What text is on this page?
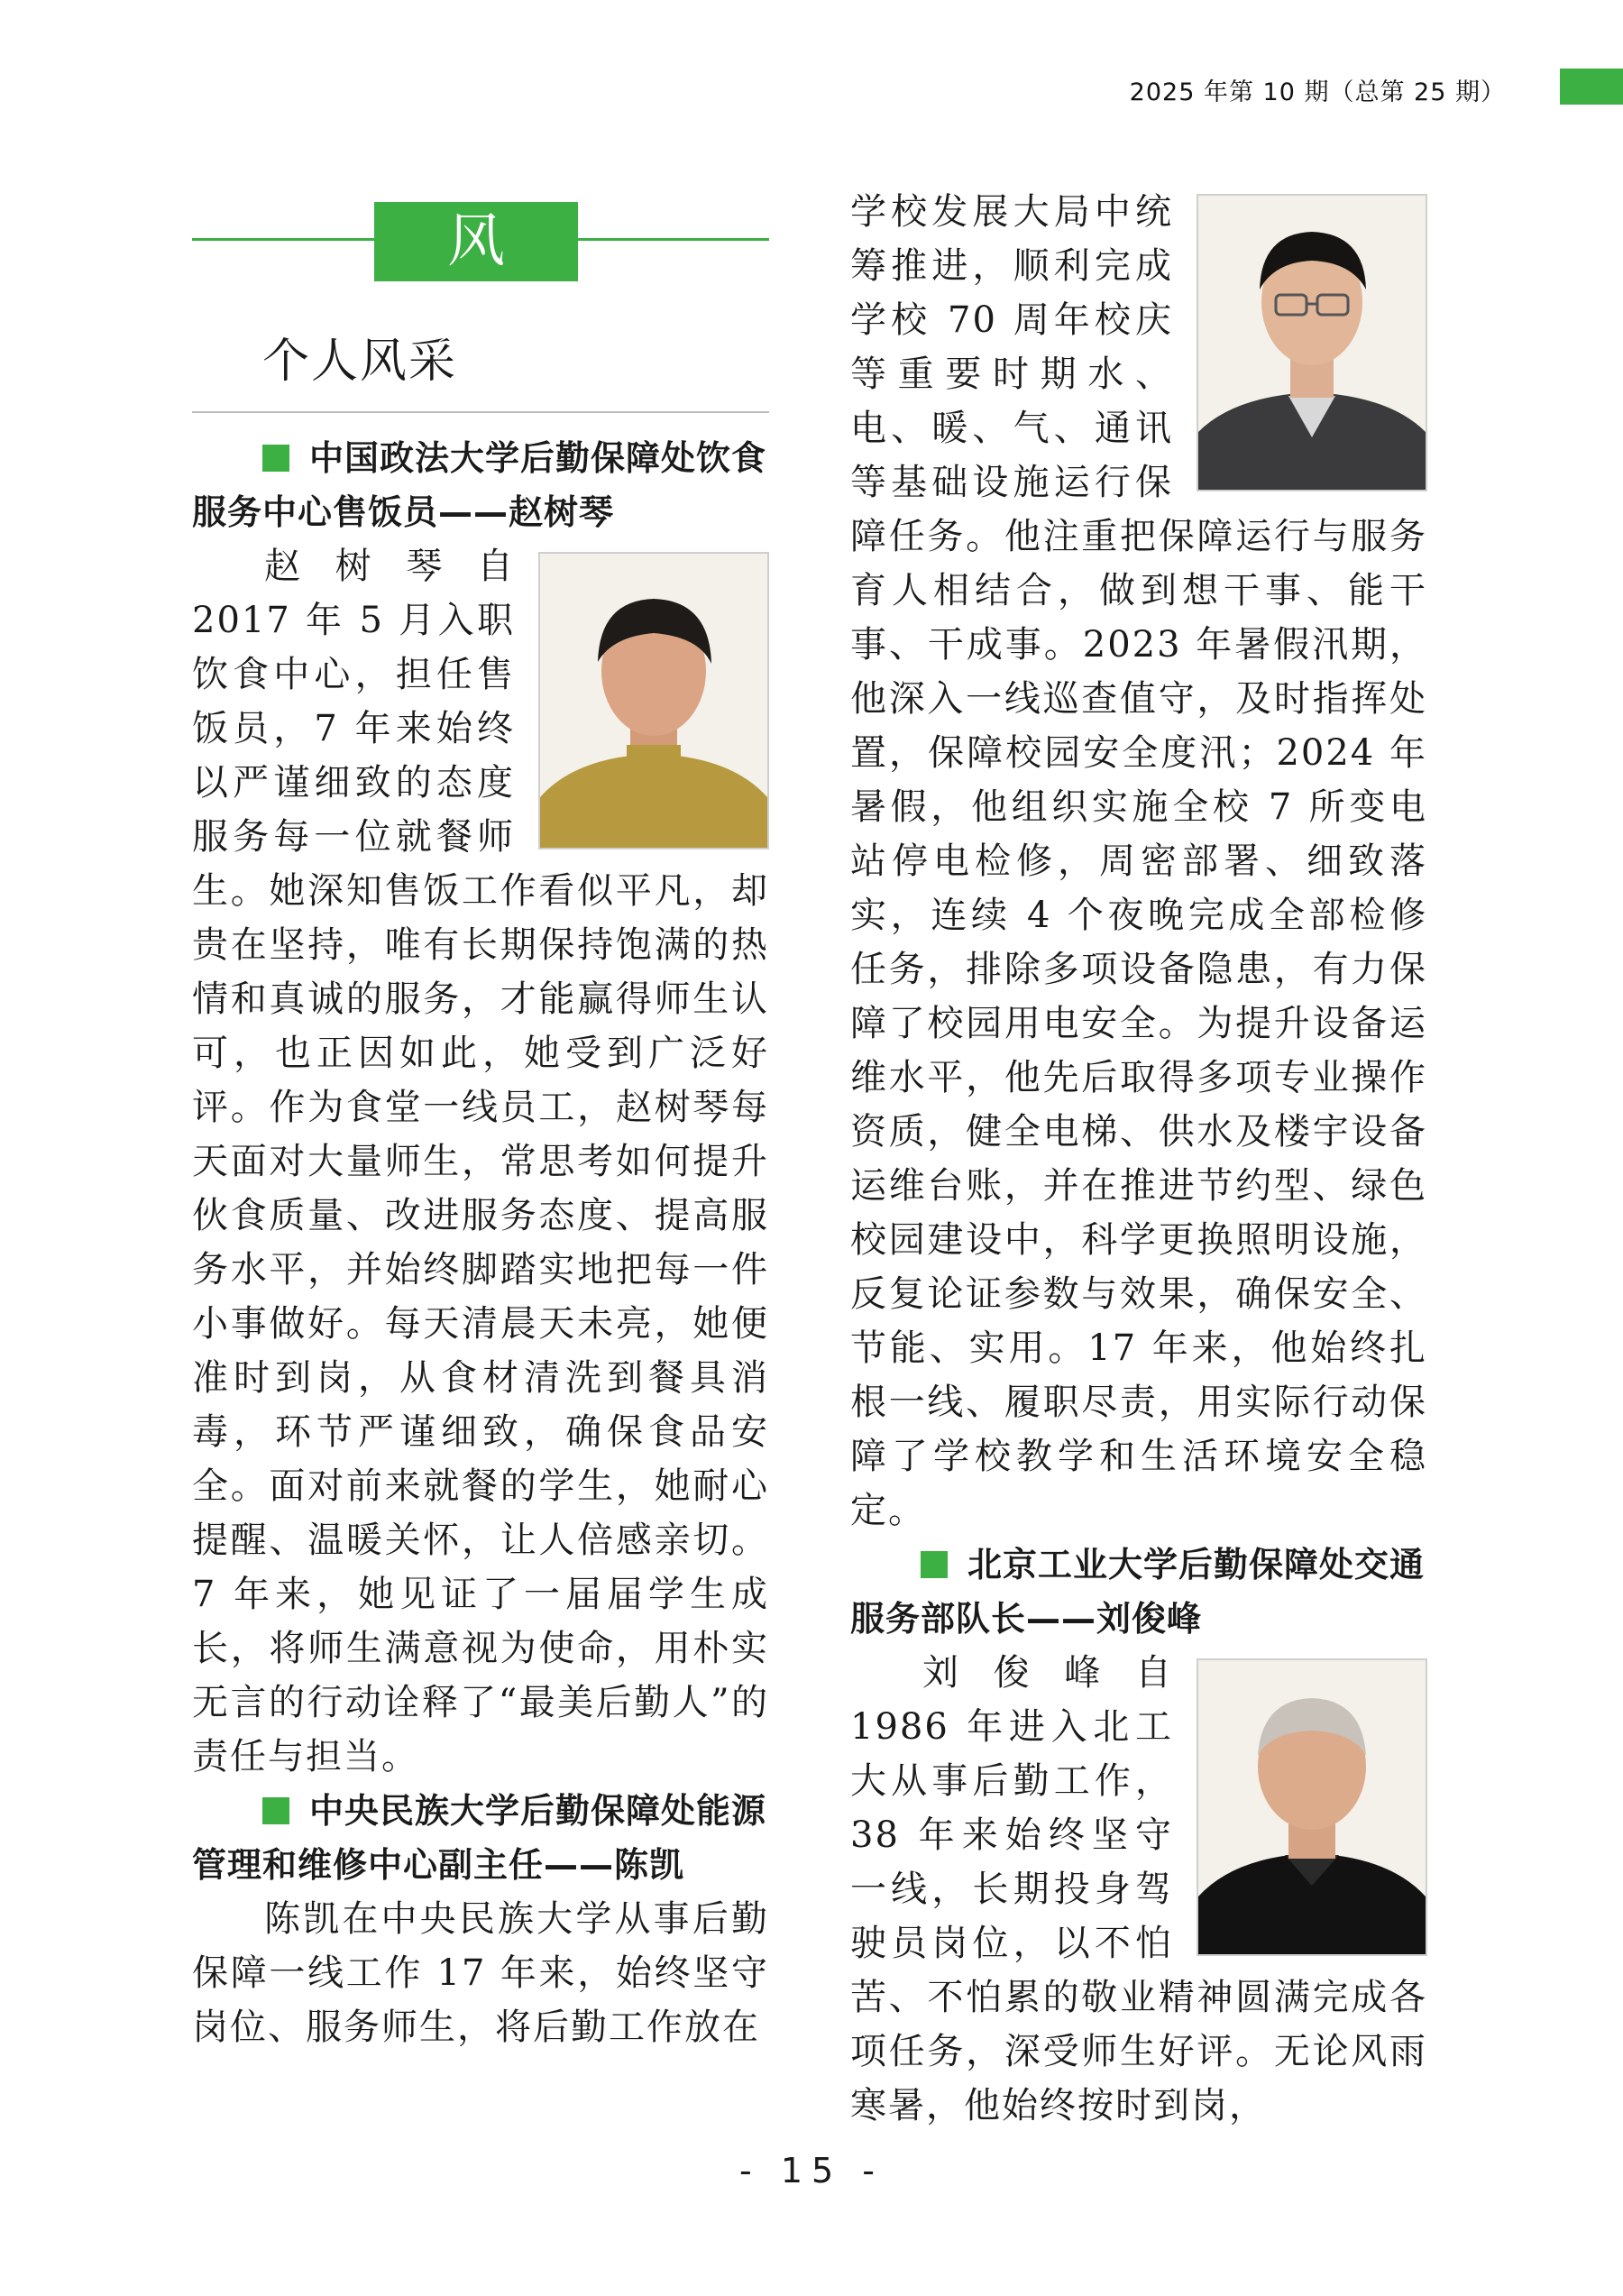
2025 年第 10 期（总第 25 期）
风 采
个人风采
中国政法大学后勤保障处饮食服务中心售饭员——赵树琴

赵树琴自 2017 年 5 月入职饮食中心，担任售饭员，7 年来始终以严谨细致的态度服务每一位就餐师生。她深知售饭工作看似平凡，却贵在坚持，唯有长期保持饱满的热情和真诚的服务，才能赢得师生认可，也正因如此，她受到广泛好评。作为食堂一线员工，赵树琴每天面对大量师生，常思考如何提升伙食质量、改进服务态度、提高服务水平，并始终脚踏实地把每一件小事做好。每天清晨天未亮，她便准时到岗，从食材清洗到餐具消毒，环节严谨细致，确保食品安全。面对前来就餐的学生，她耐心提醒、温暖关怀，让人倍感亲切。7 年来，她见证了一届届学生成长，将师生满意视为使命，用朴实无言的行动诠释了“最美后勤人”的责任与担当。

中央民族大学后勤保障处能源管理和维修中心副主任——陈凯

陈凯在中央民族大学从事后勤保障一线工作 17 年来，始终坚守岗位、服务师生，将后勤工作放在

学校发展大局中统筹推进，顺利完成学校 70 周年校庆等重要时期水、电、暖、气、通讯等基础设施运行保障任务。他注重把保障运行与服务育人相结合，做到想干事、能干事、干成事。2023 年暑假汛期，他深入一线巡查值守，及时指挥处置，保障校园安全度汛；2024 年暑假，他组织实施全校 7 所变电站停电检修，周密部署、细致落实，连续 4 个夜晚完成全部检修任务，排除多项设备隐患，有力保障了校园用电安全。为提升设备运维水平，他先后取得多项专业操作资质，健全电梯、供水及楼宇设备运维台账，并在推进节约型、绿色校园建设中，科学更换照明设施，反复论证参数与效果，确保安全、节能、实用。17 年来，他始终扎根一线、履职尽责，用实际行动保障了学校教学和生活环境安全稳定。

北京工业大学后勤保障处交通服务部队长——刘俊峰

刘俊峰自 1986 年进入北工大从事后勤工作，38 年来始终坚守一线，长期投身驾驶员岗位，以不怕苦、不怕累的敬业精神圆满完成各项任务，深受师生好评。无论风雨寒暑，他始终按时到岗，

- 15 -
